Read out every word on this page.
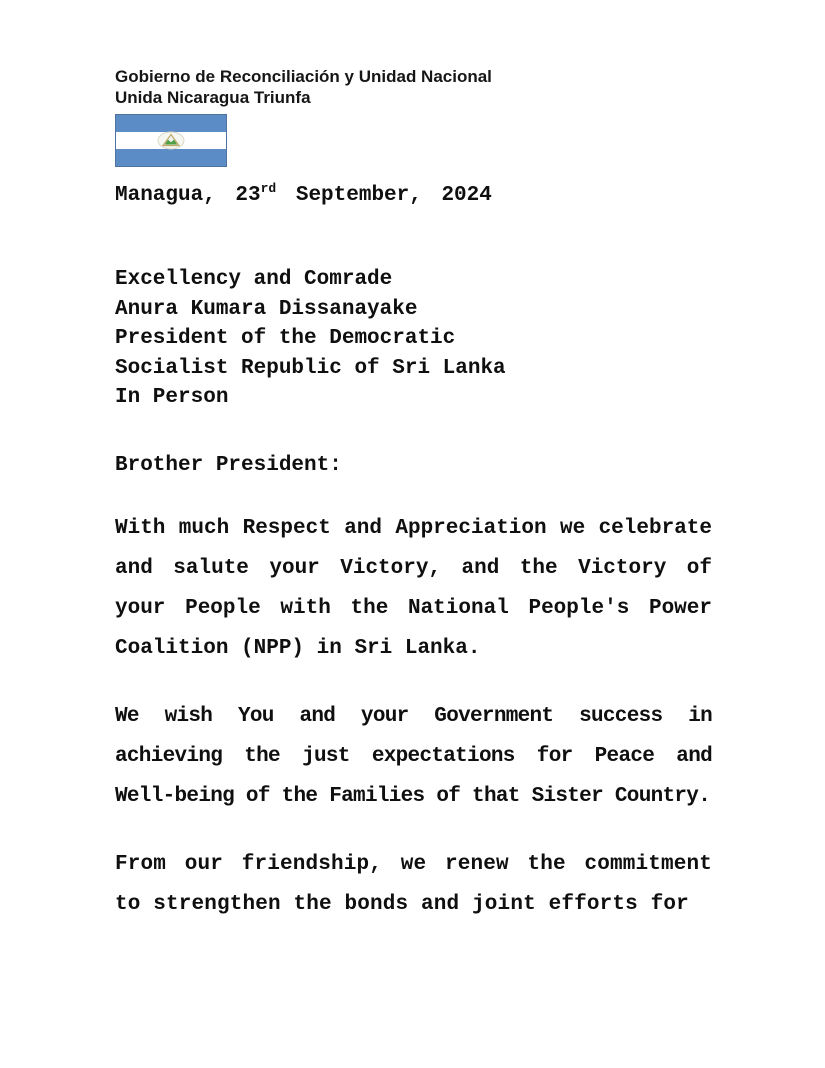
Gobierno de Reconciliación y Unidad Nacional
Unida Nicaragua Triunfa
Managua, 23rd September, 2024
Excellency and Comrade
Anura Kumara Dissanayake
President of the Democratic
Socialist Republic of Sri Lanka
In Person
Brother President:

With much Respect and Appreciation we celebrate and salute your Victory, and the Victory of your People with the National People's Power Coalition (NPP) in Sri Lanka.

We wish You and your Government success in achieving the just expectations for Peace and Well-being of the Families of that Sister Country.

From our friendship, we renew the commitment to strengthen the bonds and joint efforts for
